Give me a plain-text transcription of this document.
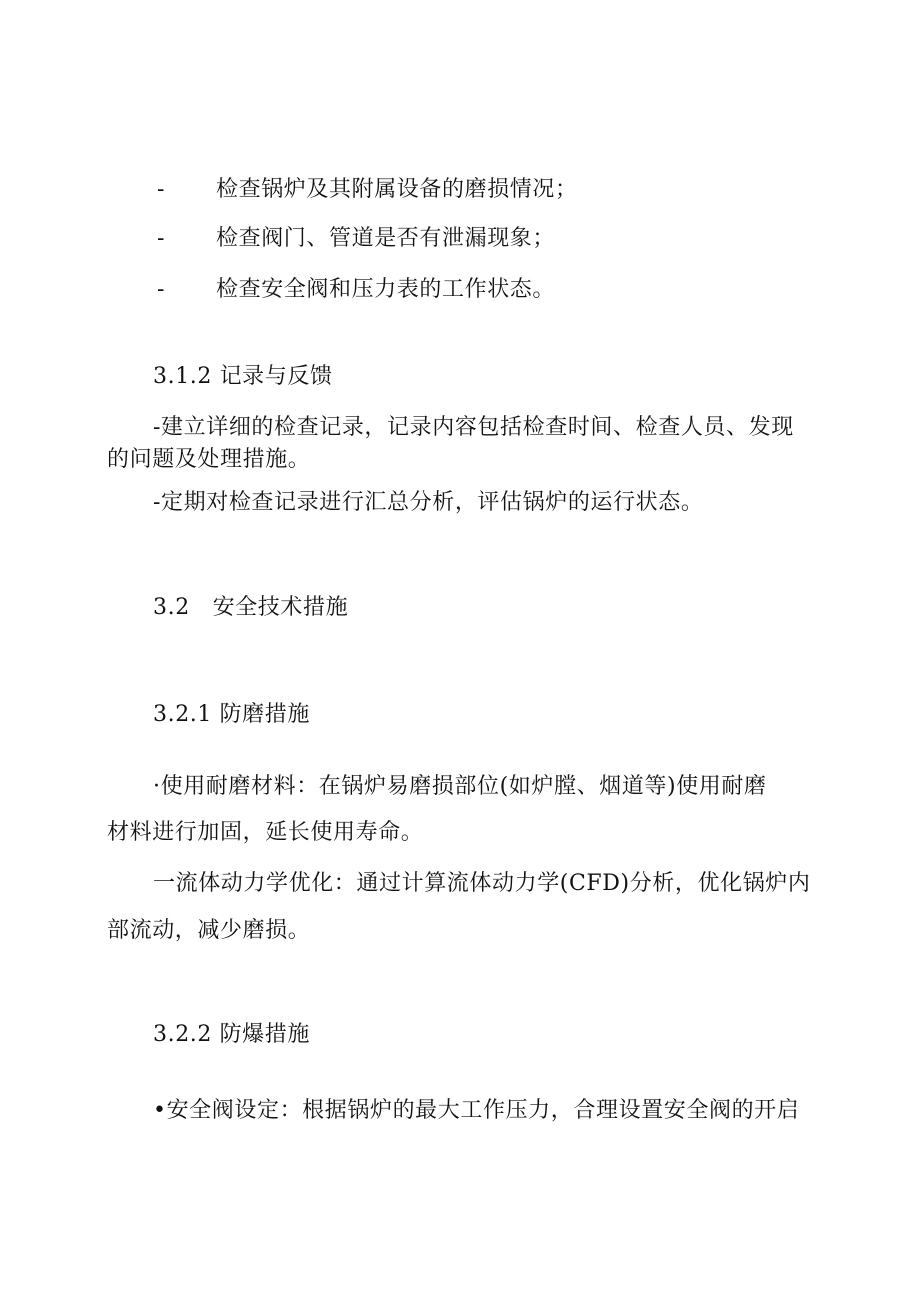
- 检查锅炉及其附属设备的磨损情况；
- 检查阀门、管道是否有泄漏现象；
- 检查安全阀和压力表的工作状态。
3.1.2 记录与反馈
-建立详细的检查记录，记录内容包括检查时间、检查人员、发现
的问题及处理措施。
-定期对检查记录进行汇总分析，评估锅炉的运行状态。
3.2   安全技术措施
3.2.1 防磨措施
·使用耐磨材料：在锅炉易磨损部位(如炉膛、烟道等)使用耐磨
材料进行加固，延长使用寿命。
一流体动力学优化：通过计算流体动力学(CFD)分析，优化锅炉内
部流动，减少磨损。
3.2.2 防爆措施
•安全阀设定：根据锅炉的最大工作压力，合理设置安全阀的开启
